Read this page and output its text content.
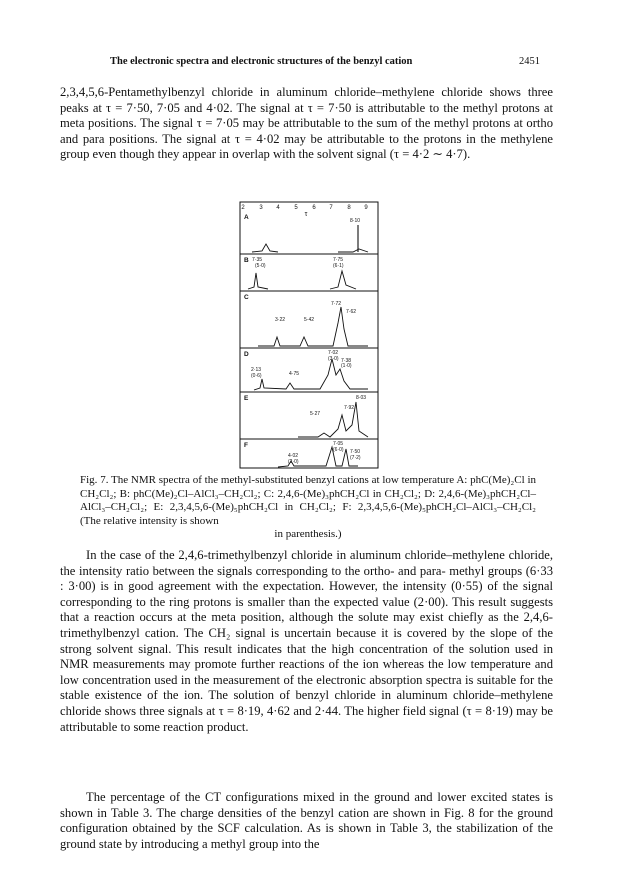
The electronic spectra and electronic structures of the benzyl cation	2451

2,3,4,5,6-Pentamethylbenzyl chloride in aluminum chloride–methylene chloride shows three peaks at τ = 7·50, 7·05 and 4·02. The signal at τ = 7·50 is attributable to the methyl protons at meta positions. The signal τ = 7·05 may be attributable to the sum of the methyl protons at ortho and para positions. The signal at τ = 4·02 may be attributable to the protons in the methylene group even though they appear in overlap with the solvent signal (τ = 4·2 ∼ 4·7).

2 3 4 5 6 7 8 9
τ
A
B
C
D
E
F
8·10
7·35
(5·0)
7·75
(6·1)
7·72
7·62
3·22	5·42
7·02
(3·0) 7·38
(1·0)
2·13
(0·6)	4·75
8·03
7·92
5·27
7·05
(6·0) 7·50
(7·2)
4·02
(2·0)
Fig. 7. The NMR spectra of the methyl-substituted benzyl cations at low temperature A: phC(Me)₂Cl in CH₂Cl₂; B: phC(Me)₂Cl–AlCl₃–CH₂Cl₂; C: 2,4,6-(Me)₃phCH₂Cl in CH₂Cl₂; D: 2,4,6-(Me)₃phCH₂Cl–AlCl₃–CH₂Cl₂; E: 2,3,4,5,6-(Me)₅phCH₂Cl in CH₂Cl₂; F: 2,3,4,5,6-(Me)₅phCH₂Cl–AlCl₃–CH₂Cl₂ (The relative intensity is shown
in parenthesis.)

In the case of the 2,4,6-trimethylbenzyl chloride in aluminum chloride–methylene chloride, the intensity ratio between the signals corresponding to the ortho- and para- methyl groups (6·33 : 3·00) is in good agreement with the expectation. However, the intensity (0·55) of the signal corresponding to the ring protons is smaller than the expected value (2·00). This result suggests that a reaction occurs at the meta position, although the solute may exist chiefly as the 2,4,6-trimethylbenzyl cation. The CH₂ signal is uncertain because it is covered by the slope of the strong solvent signal. This result indicates that the high concentration of the solution used in NMR measurements may promote further reactions of the ion whereas the low temperature and low concentration used in the measurement of the electronic absorption spectra is suitable for the stable existence of the ion. The solution of benzyl chloride in aluminum chloride–methylene chloride shows three signals at τ = 8·19, 4·62 and 2·44. The higher field signal (τ = 8·19) may be attributable to some reaction product.

The percentage of the CT configurations mixed in the ground and lower excited states is shown in Table 3. The charge densities of the benzyl cation are shown in Fig. 8 for the ground configuration obtained by the SCF calculation. As is shown in Table 3, the stabilization of the ground state by introducing a methyl group into the
